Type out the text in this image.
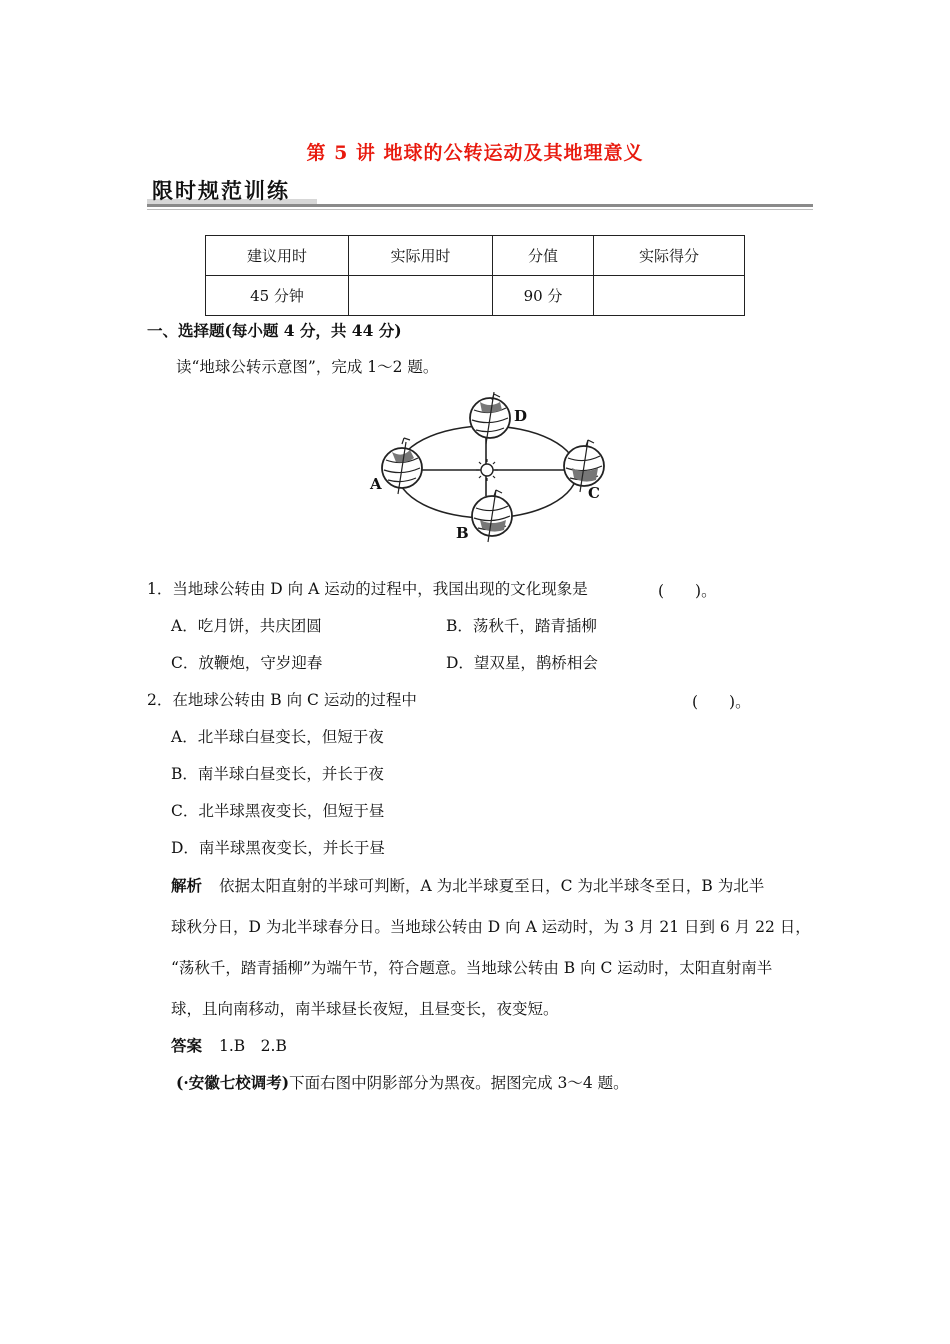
第 5 讲 地球的公转运动及其地理意义
限时规范训练
建议用时	实际用时	分值	实际得分
45 分钟		90 分	
一、选择题(每小题 4 分，共 44 分)
读“地球公转示意图”，完成 1～2 题。
A
D
C
B
1．当地球公转由 D 向 A 运动的过程中，我国出现的文化现象是	(　　)。
A．吃月饼，共庆团圆	B．荡秋千，踏青插柳
C．放鞭炮，守岁迎春	D．望双星，鹊桥相会
2．在地球公转由 B 向 C 运动的过程中	(　　)。
A．北半球白昼变长，但短于夜
B．南半球白昼变长，并长于夜
C．北半球黑夜变长，但短于昼
D．南半球黑夜变长，并长于昼
解析 依据太阳直射的半球可判断，A 为北半球夏至日，C 为北半球冬至日，B 为北半
球秋分日，D 为北半球春分日。当地球公转由 D 向 A 运动时，为 3 月 21 日到 6 月 22 日，
“荡秋千，踏青插柳”为端午节，符合题意。当地球公转由 B 向 C 运动时，太阳直射南半
球，且向南移动，南半球昼长夜短，且昼变长，夜变短。
答案 1.B　2.B
(·安徽七校调考)下面右图中阴影部分为黑夜。据图完成 3～4 题。
